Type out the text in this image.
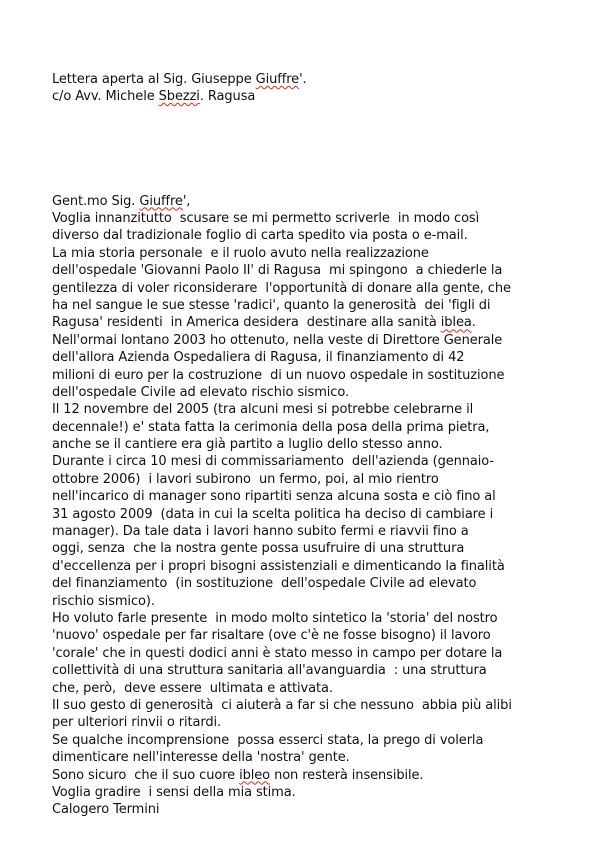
Lettera aperta al Sig. Giuseppe Giuffre'.
c/o Avv. Michele Sbezzi. Ragusa

Gent.mo Sig. Giuffre',
Voglia innanzitutto  scusare se mi permetto scriverle  in modo così
diverso dal tradizionale foglio di carta spedito via posta o e-mail.
La mia storia personale  e il ruolo avuto nella realizzazione
dell'ospedale 'Giovanni Paolo II' di Ragusa  mi spingono  a chiederle la
gentilezza di voler riconsiderare  l'opportunità di donare alla gente, che
ha nel sangue le sue stesse 'radici', quanto la generosità  dei 'figli di
Ragusa' residenti  in America desidera  destinare alla sanità iblea.
Nell'ormai lontano 2003 ho ottenuto, nella veste di Direttore Generale
dell'allora Azienda Ospedaliera di Ragusa, il finanziamento di 42
milioni di euro per la costruzione  di un nuovo ospedale in sostituzione
dell'ospedale Civile ad elevato rischio sismico.
Il 12 novembre del 2005 (tra alcuni mesi si potrebbe celebrarne il
decennale!) e' stata fatta la cerimonia della posa della prima pietra,
anche se il cantiere era già partito a luglio dello stesso anno.
Durante i circa 10 mesi di commissariamento  dell'azienda (gennaio-
ottobre 2006)  i lavori subirono  un fermo, poi, al mio rientro
nell'incarico di manager sono ripartiti senza alcuna sosta e ciò fino al
31 agosto 2009  (data in cui la scelta politica ha deciso di cambiare i
manager). Da tale data i lavori hanno subito fermi e riavvii fino a
oggi, senza  che la nostra gente possa usufruire di una struttura
d'eccellenza per i propri bisogni assistenziali e dimenticando la finalità
del finanziamento  (in sostituzione  dell'ospedale Civile ad elevato
rischio sismico).
Ho voluto farle presente  in modo molto sintetico la 'storia' del nostro
'nuovo' ospedale per far risaltare (ove c'è ne fosse bisogno) il lavoro
'corale' che in questi dodici anni è stato messo in campo per dotare la
collettività di una struttura sanitaria all'avanguardia  : una struttura
che, però,  deve essere  ultimata e attivata.
Il suo gesto di generosità  ci aiuterà a far si che nessuno  abbia più alibi
per ulteriori rinvii o ritardi.
Se qualche incomprensione  possa esserci stata, la prego di volerla
dimenticare nell'interesse della 'nostra' gente.
Sono sicuro  che il suo cuore ibleo non resterà insensibile.
Voglia gradire  i sensi della mia stima.
Calogero Termini
